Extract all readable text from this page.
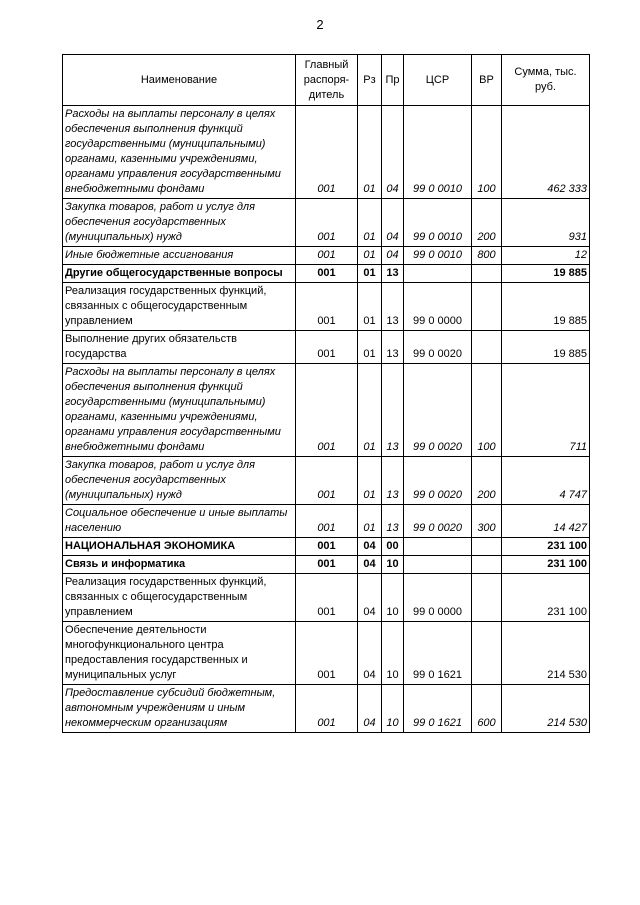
2
Наименование	Главный распоря-дитель	Рз	Пр	ЦСР	ВР	Сумма, тыс. руб.
Расходы на выплаты персоналу в целях обеспечения выполнения функций государственными (муниципальными) органами, казенными учреждениями, органами управления государственными внебюджетными фондами	001	01	04	99 0 0010	100	462 333
Закупка товаров, работ и услуг для обеспечения государственных (муниципальных) нужд	001	01	04	99 0 0010	200	931
Иные бюджетные ассигнования	001	01	04	99 0 0010	800	12
Другие общегосударственные вопросы	001	01	13			19 885
Реализация государственных функций, связанных с общегосударственным управлением	001	01	13	99 0 0000		19 885
Выполнение других обязательств государства	001	01	13	99 0 0020		19 885
Расходы на выплаты персоналу в целях обеспечения выполнения функций государственными (муниципальными) органами, казенными учреждениями, органами управления государственными внебюджетными фондами	001	01	13	99 0 0020	100	711
Закупка товаров, работ и услуг для обеспечения государственных (муниципальных) нужд	001	01	13	99 0 0020	200	4 747
Социальное обеспечение и иные выплаты населению	001	01	13	99 0 0020	300	14 427
НАЦИОНАЛЬНАЯ ЭКОНОМИКА	001	04	00			231 100
Связь и информатика	001	04	10			231 100
Реализация государственных функций, связанных с общегосударственным управлением	001	04	10	99 0 0000		231 100
Обеспечение деятельности многофункционального центра предоставления государственных и муниципальных услуг	001	04	10	99 0 1621		214 530
Предоставление субсидий бюджетным, автономным учреждениям и иным некоммерческим организациям	001	04	10	99 0 1621	600	214 530
